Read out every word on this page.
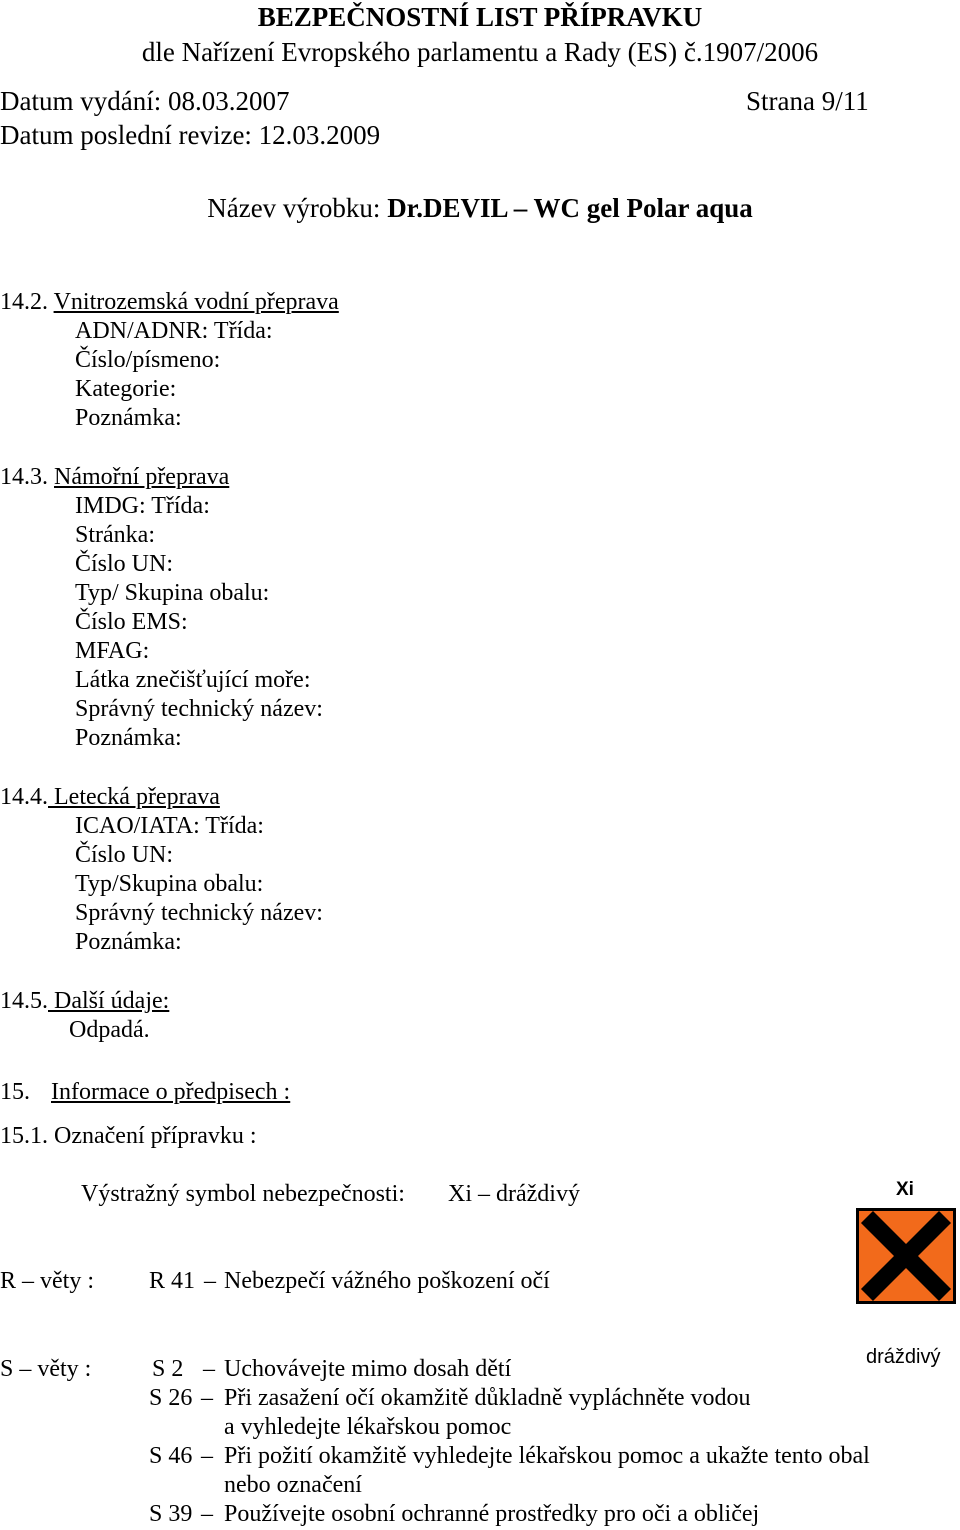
BEZPEČNOSTNÍ LIST PŘÍPRAVKU
dle Nařízení Evropského parlamentu a Rady (ES) č.1907/2006
Datum vydání: 08.03.2007	Strana 9/11
Datum poslední revize: 12.03.2009
Název výrobku: Dr.DEVIL – WC gel Polar aqua
14.2. Vnitrozemská vodní přeprava
ADN/ADNR: Třída:
Číslo/písmeno:
Kategorie:
Poznámka:
14.3. Námořní přeprava
IMDG: Třída:
Stránka:
Číslo UN:
Typ/ Skupina obalu:
Číslo EMS:
MFAG:
Látka znečišťující moře:
Správný technický název:
Poznámka:
14.4. Letecká přeprava
ICAO/IATA: Třída:
Číslo UN:
Typ/Skupina obalu:
Správný technický název:
Poznámka:
14.5. Další údaje:
Odpadá.
15. Informace o předpisech :
15.1. Označení přípravku :
Výstražný symbol nebezpečnosti: Xi – dráždivý	Xi
dráždivý
R – věty : R 41 – Nebezpečí vážného poškození očí
S – věty :	S 2 – Uchovávejte mimo dosah dětí
S 26 – Při zasažení očí okamžitě důkladně vypláchněte vodou
a vyhledejte lékařskou pomoc
S 46 – Při požití okamžitě vyhledejte lékařskou pomoc a ukažte tento obal
nebo označení
S 39 – Používejte osobní ochranné prostředky pro oči a obličej
